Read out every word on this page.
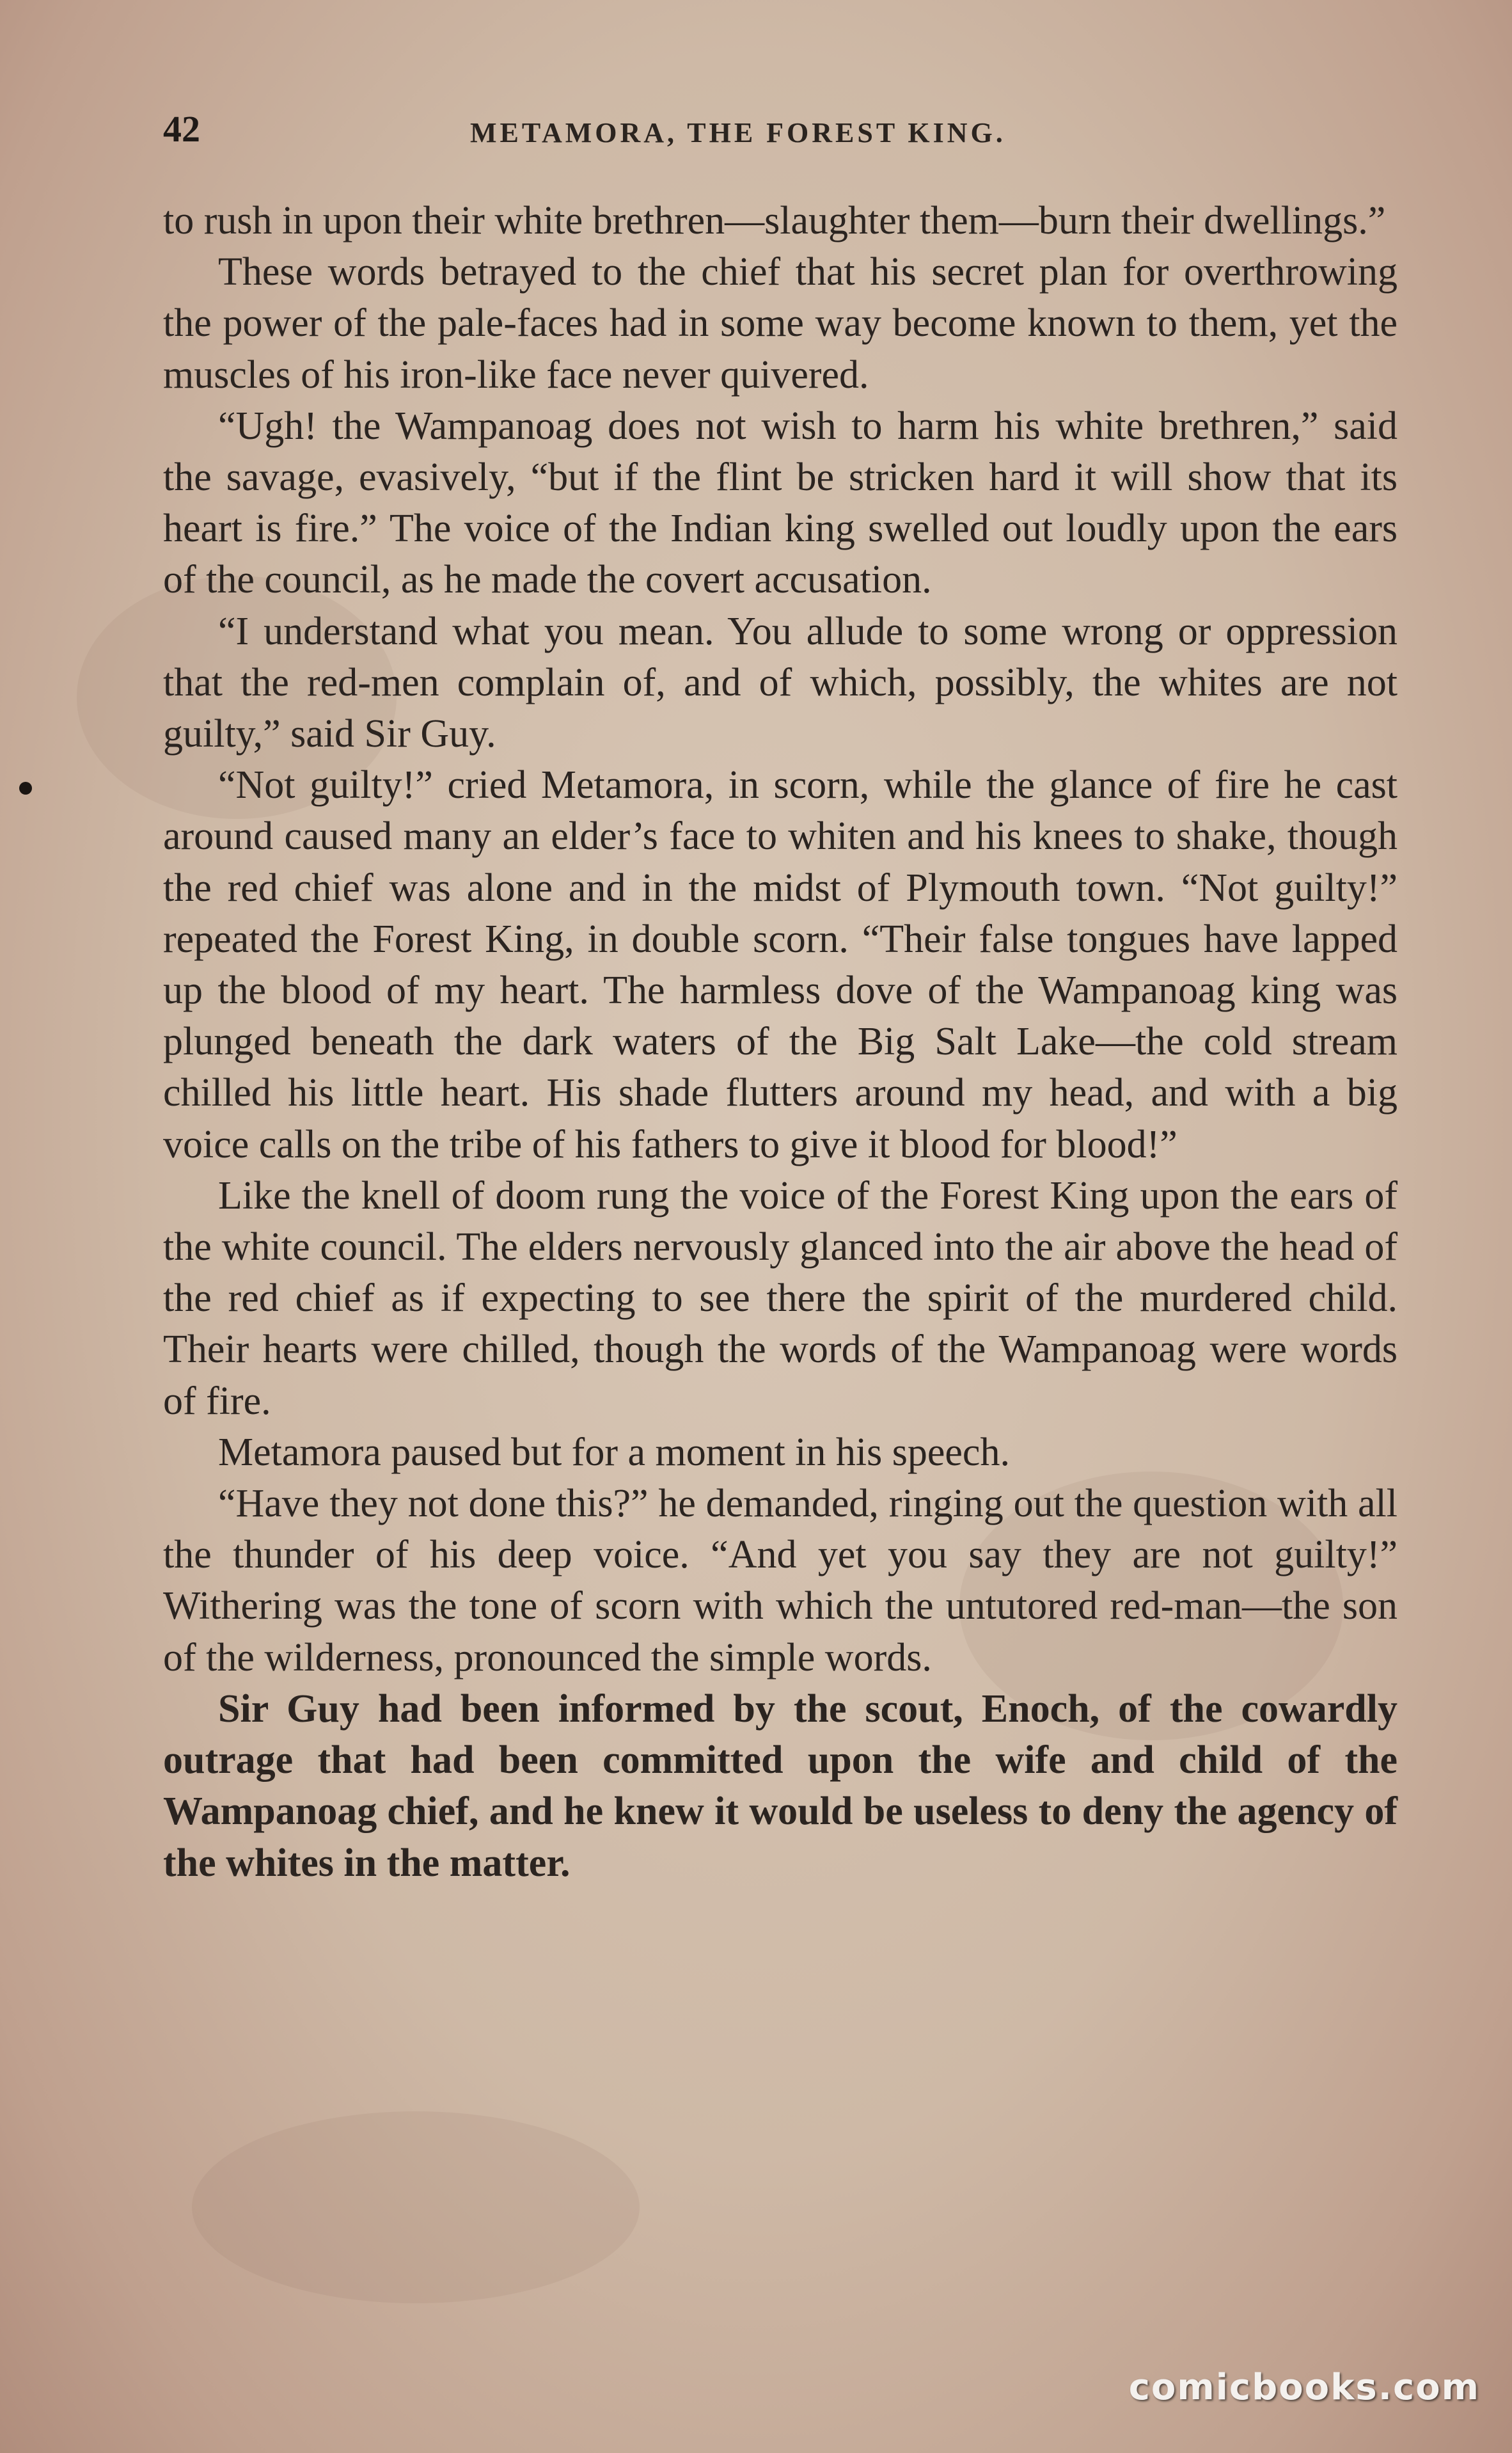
42	METAMORA, THE FOREST KING.

to rush in upon their white brethren—slaughter them—burn their dwellings.”

These words betrayed to the chief that his secret plan for overthrowing the power of the pale-faces had in some way become known to them, yet the muscles of his iron-like face never quivered.

“Ugh! the Wampanoag does not wish to harm his white brethren,” said the savage, evasively, “but if the flint be stricken hard it will show that its heart is fire.” The voice of the Indian king swelled out loudly upon the ears of the council, as he made the covert accusation.

“I understand what you mean. You allude to some wrong or oppression that the red-men complain of, and of which, possibly, the whites are not guilty,” said Sir Guy.

“Not guilty!” cried Metamora, in scorn, while the glance of fire he cast around caused many an elder’s face to whiten and his knees to shake, though the red chief was alone and in the midst of Plymouth town. “Not guilty!” repeated the Forest King, in double scorn. “Their false tongues have lapped up the blood of my heart. The harmless dove of the Wampanoag king was plunged beneath the dark waters of the Big Salt Lake—the cold stream chilled his little heart. His shade flutters around my head, and with a big voice calls on the tribe of his fathers to give it blood for blood!”

Like the knell of doom rung the voice of the Forest King upon the ears of the white council. The elders nervously glanced into the air above the head of the red chief as if expecting to see there the spirit of the murdered child. Their hearts were chilled, though the words of the Wampanoag were words of fire.

Metamora paused but for a moment in his speech.

“Have they not done this?” he demanded, ringing out the question with all the thunder of his deep voice. “And yet you say they are not guilty!” Withering was the tone of scorn with which the untutored red-man—the son of the wilderness, pronounced the simple words.

Sir Guy had been informed by the scout, Enoch, of the cowardly outrage that had been committed upon the wife and child of the Wampanoag chief, and he knew it would be useless to deny the agency of the whites in the matter.

comicbooks.com
